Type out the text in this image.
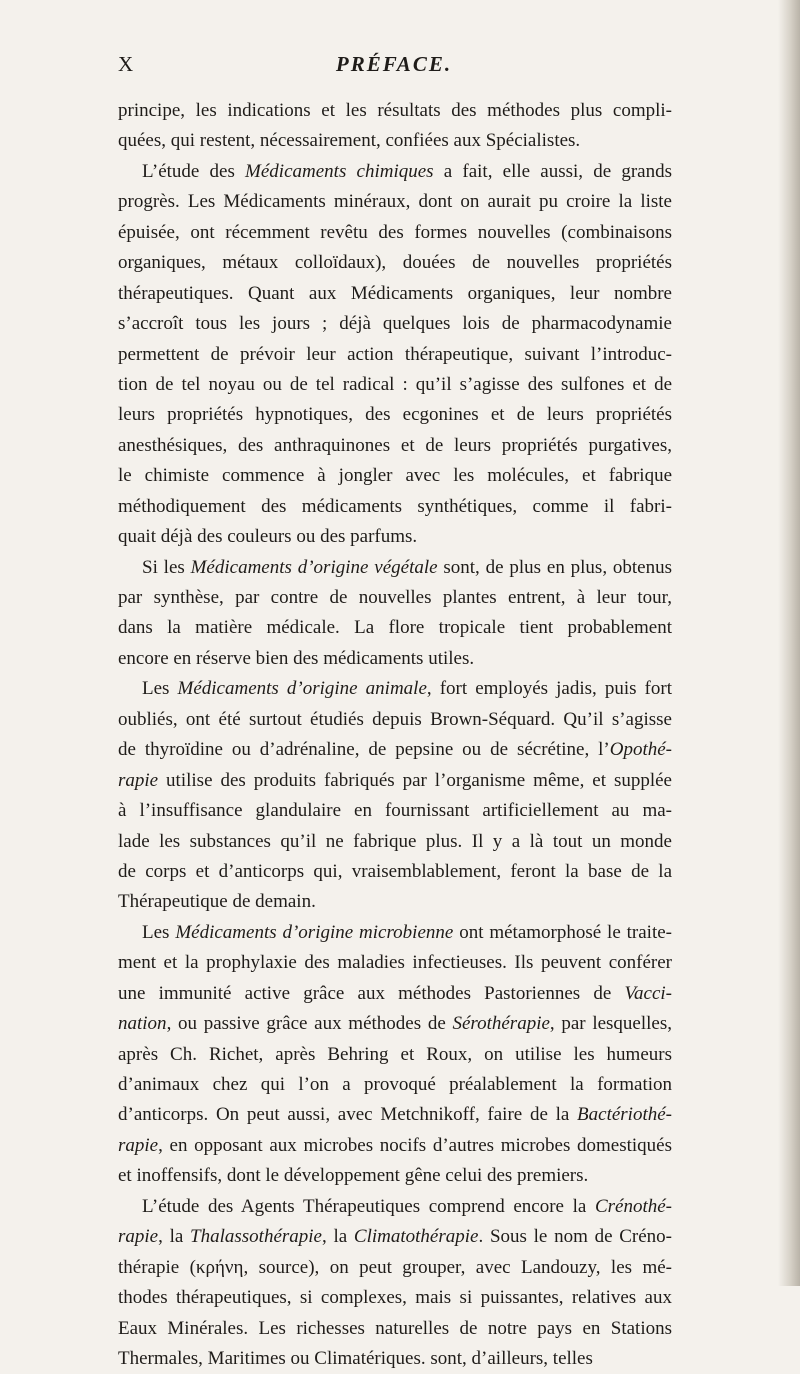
X	PRÉFACE.
principe, les indications et les résultats des méthodes plus compli-
quées, qui restent, nécessairement, confiées aux Spécialistes.
L’étude des Médicaments chimiques a fait, elle aussi, de grands
progrès. Les Médicaments minéraux, dont on aurait pu croire la liste
épuisée, ont récemment revêtu des formes nouvelles (combinaisons
organiques, métaux colloïdaux), douées de nouvelles propriétés
thérapeutiques. Quant aux Médicaments organiques, leur nombre
s’accroît tous les jours ; déjà quelques lois de pharmacodynamie
permettent de prévoir leur action thérapeutique, suivant l’introduc-
tion de tel noyau ou de tel radical : qu’il s’agisse des sulfones et de
leurs propriétés hypnotiques, des ecgonines et de leurs propriétés
anesthésiques, des anthraquinones et de leurs propriétés purgatives,
le chimiste commence à jongler avec les molécules, et fabrique
méthodiquement des médicaments synthétiques, comme il fabri-
quait déjà des couleurs ou des parfums.
Si les Médicaments d’origine végétale sont, de plus en plus, obtenus
par synthèse, par contre de nouvelles plantes entrent, à leur tour,
dans la matière médicale. La flore tropicale tient probablement
encore en réserve bien des médicaments utiles.
Les Médicaments d’origine animale, fort employés jadis, puis fort
oubliés, ont été surtout étudiés depuis Brown-Séquard. Qu’il s’agisse
de thyroïdine ou d’adrénaline, de pepsine ou de sécrétine, l’Opothé-
rapie utilise des produits fabriqués par l’organisme même, et supplée
à l’insuffisance glandulaire en fournissant artificiellement au ma-
lade les substances qu’il ne fabrique plus. Il y a là tout un monde
de corps et d’anticorps qui, vraisemblablement, feront la base de la
Thérapeutique de demain.
Les Médicaments d’origine microbienne ont métamorphosé le traite-
ment et la prophylaxie des maladies infectieuses. Ils peuvent conférer
une immunité active grâce aux méthodes Pastoriennes de Vacci-
nation, ou passive grâce aux méthodes de Sérothérapie, par lesquelles,
après Ch. Richet, après Behring et Roux, on utilise les humeurs
d’animaux chez qui l’on a provoqué préalablement la formation
d’anticorps. On peut aussi, avec Metchnikoff, faire de la Bactériothé-
rapie, en opposant aux microbes nocifs d’autres microbes domestiqués
et inoffensifs, dont le développement gêne celui des premiers.
L’étude des Agents Thérapeutiques comprend encore la Crénothé-
rapie, la Thalassothérapie, la Climatothérapie. Sous le nom de Créno-
thérapie (κρήνη, source), on peut grouper, avec Landouzy, les mé-
thodes thérapeutiques, si complexes, mais si puissantes, relatives aux
Eaux Minérales. Les richesses naturelles de notre pays en Stations
Thermales, Maritimes ou Climatériques. sont, d’ailleurs, telles
